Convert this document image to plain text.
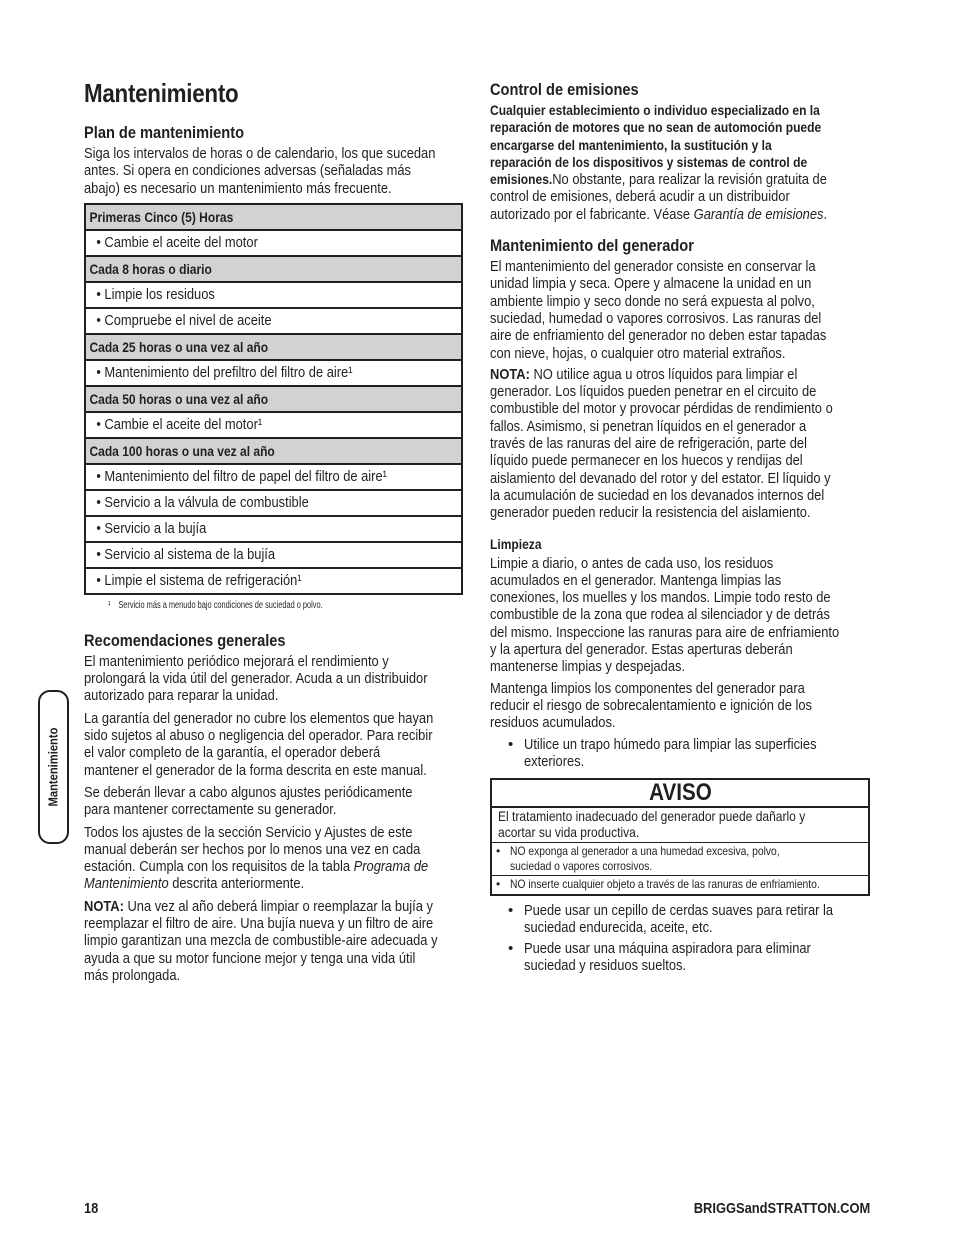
Mantenimiento
Plan de mantenimiento
Siga los intervalos de horas o de calendario, los que sucedan
antes. Si opera en condiciones adversas (señaladas más
abajo) es necesario un mantenimiento más frecuente.
Primeras Cinco (5) Horas

• Cambie el aceite del motor

Cada 8 horas o diario

• Limpie los residuos

• Compruebe el nivel de aceite

Cada 25 horas o una vez al año

• Mantenimiento del prefiltro del filtro de aire¹

Cada 50 horas o una vez al año

• Cambie el aceite del motor¹

Cada 100 horas o una vez al año

• Mantenimiento del filtro de papel del filtro de aire¹

• Servicio a la válvula de combustible

• Servicio a la bujía

• Servicio al sistema de la bujía

• Limpie el sistema de refrigeración¹
¹ Servicio más a menudo bajo condiciones de suciedad o polvo.
Recomendaciones generales
El mantenimiento periódico mejorará el rendimiento y
prolongará la vida útil del generador. Acuda a un distribuidor
autorizado para reparar la unidad.
La garantía del generador no cubre los elementos que hayan
sido sujetos al abuso o negligencia del operador. Para recibir
el valor completo de la garantía, el operador deberá
mantener el generador de la forma descrita en este manual.
Se deberán llevar a cabo algunos ajustes periódicamente
para mantener correctamente su generador.
Todos los ajustes de la sección Servicio y Ajustes de este
manual deberán ser hechos por lo menos una vez en cada
estación. Cumpla con los requisitos de la tabla Programa de
Mantenimiento descrita anteriormente.
NOTA: Una vez al año deberá limpiar o reemplazar la bujía y
reemplazar el filtro de aire. Una bujía nueva y un filtro de aire
limpio garantizan una mezcla de combustible-aire adecuada y
ayuda a que su motor funcione mejor y tenga una vida útil
más prolongada.
Control de emisiones
Cualquier establecimiento o individuo especializado en la
reparación de motores que no sean de automoción puede
encargarse del mantenimiento, la sustitución y la
reparación de los dispositivos y sistemas de control de
emisiones.No obstante, para realizar la revisión gratuita de
control de emisiones, deberá acudir a un distribuidor
autorizado por el fabricante. Véase Garantía de emisiones.
Mantenimiento del generador
El mantenimiento del generador consiste en conservar la
unidad limpia y seca. Opere y almacene la unidad en un
ambiente limpio y seco donde no será expuesta al polvo,
suciedad, humedad o vapores corrosivos. Las ranuras del
aire de enfriamiento del generador no deben estar tapadas
con nieve, hojas, o cualquier otro material extraños.
NOTA: NO utilice agua u otros líquidos para limpiar el
generador. Los líquidos pueden penetrar en el circuito de
combustible del motor y provocar pérdidas de rendimiento o
fallos. Asimismo, si penetran líquidos en el generador a
través de las ranuras del aire de refrigeración, parte del
líquido puede permanecer en los huecos y rendijas del
aislamiento del devanado del rotor y del estator. El líquido y
la acumulación de suciedad en los devanados internos del
generador pueden reducir la resistencia del aislamiento.
Limpieza
Limpie a diario, o antes de cada uso, los residuos
acumulados en el generador. Mantenga limpias las
conexiones, los muelles y los mandos. Limpie todo resto de
combustible de la zona que rodea al silenciador y de detrás
del mismo. Inspeccione las ranuras para aire de enfriamiento
y la apertura del generador. Estas aperturas deberán
mantenerse limpias y despejadas.
Mantenga limpios los componentes del generador para
reducir el riesgo de sobrecalentamiento e ignición de los
residuos acumulados.
• Utilice un trapo húmedo para limpiar las superficies
exteriores.
AVISO
El tratamiento inadecuado del generador puede dañarlo y
acortar su vida productiva.
• NO exponga al generador a una humedad excesiva, polvo,
suciedad o vapores corrosivos.
• NO inserte cualquier objeto a través de las ranuras de enfriamiento.
• Puede usar un cepillo de cerdas suaves para retirar la
suciedad endurecida, aceite, etc.
• Puede usar una máquina aspiradora para eliminar
suciedad y residuos sueltos.
Mantenimiento
18	BRIGGSandSTRATTON.COM
